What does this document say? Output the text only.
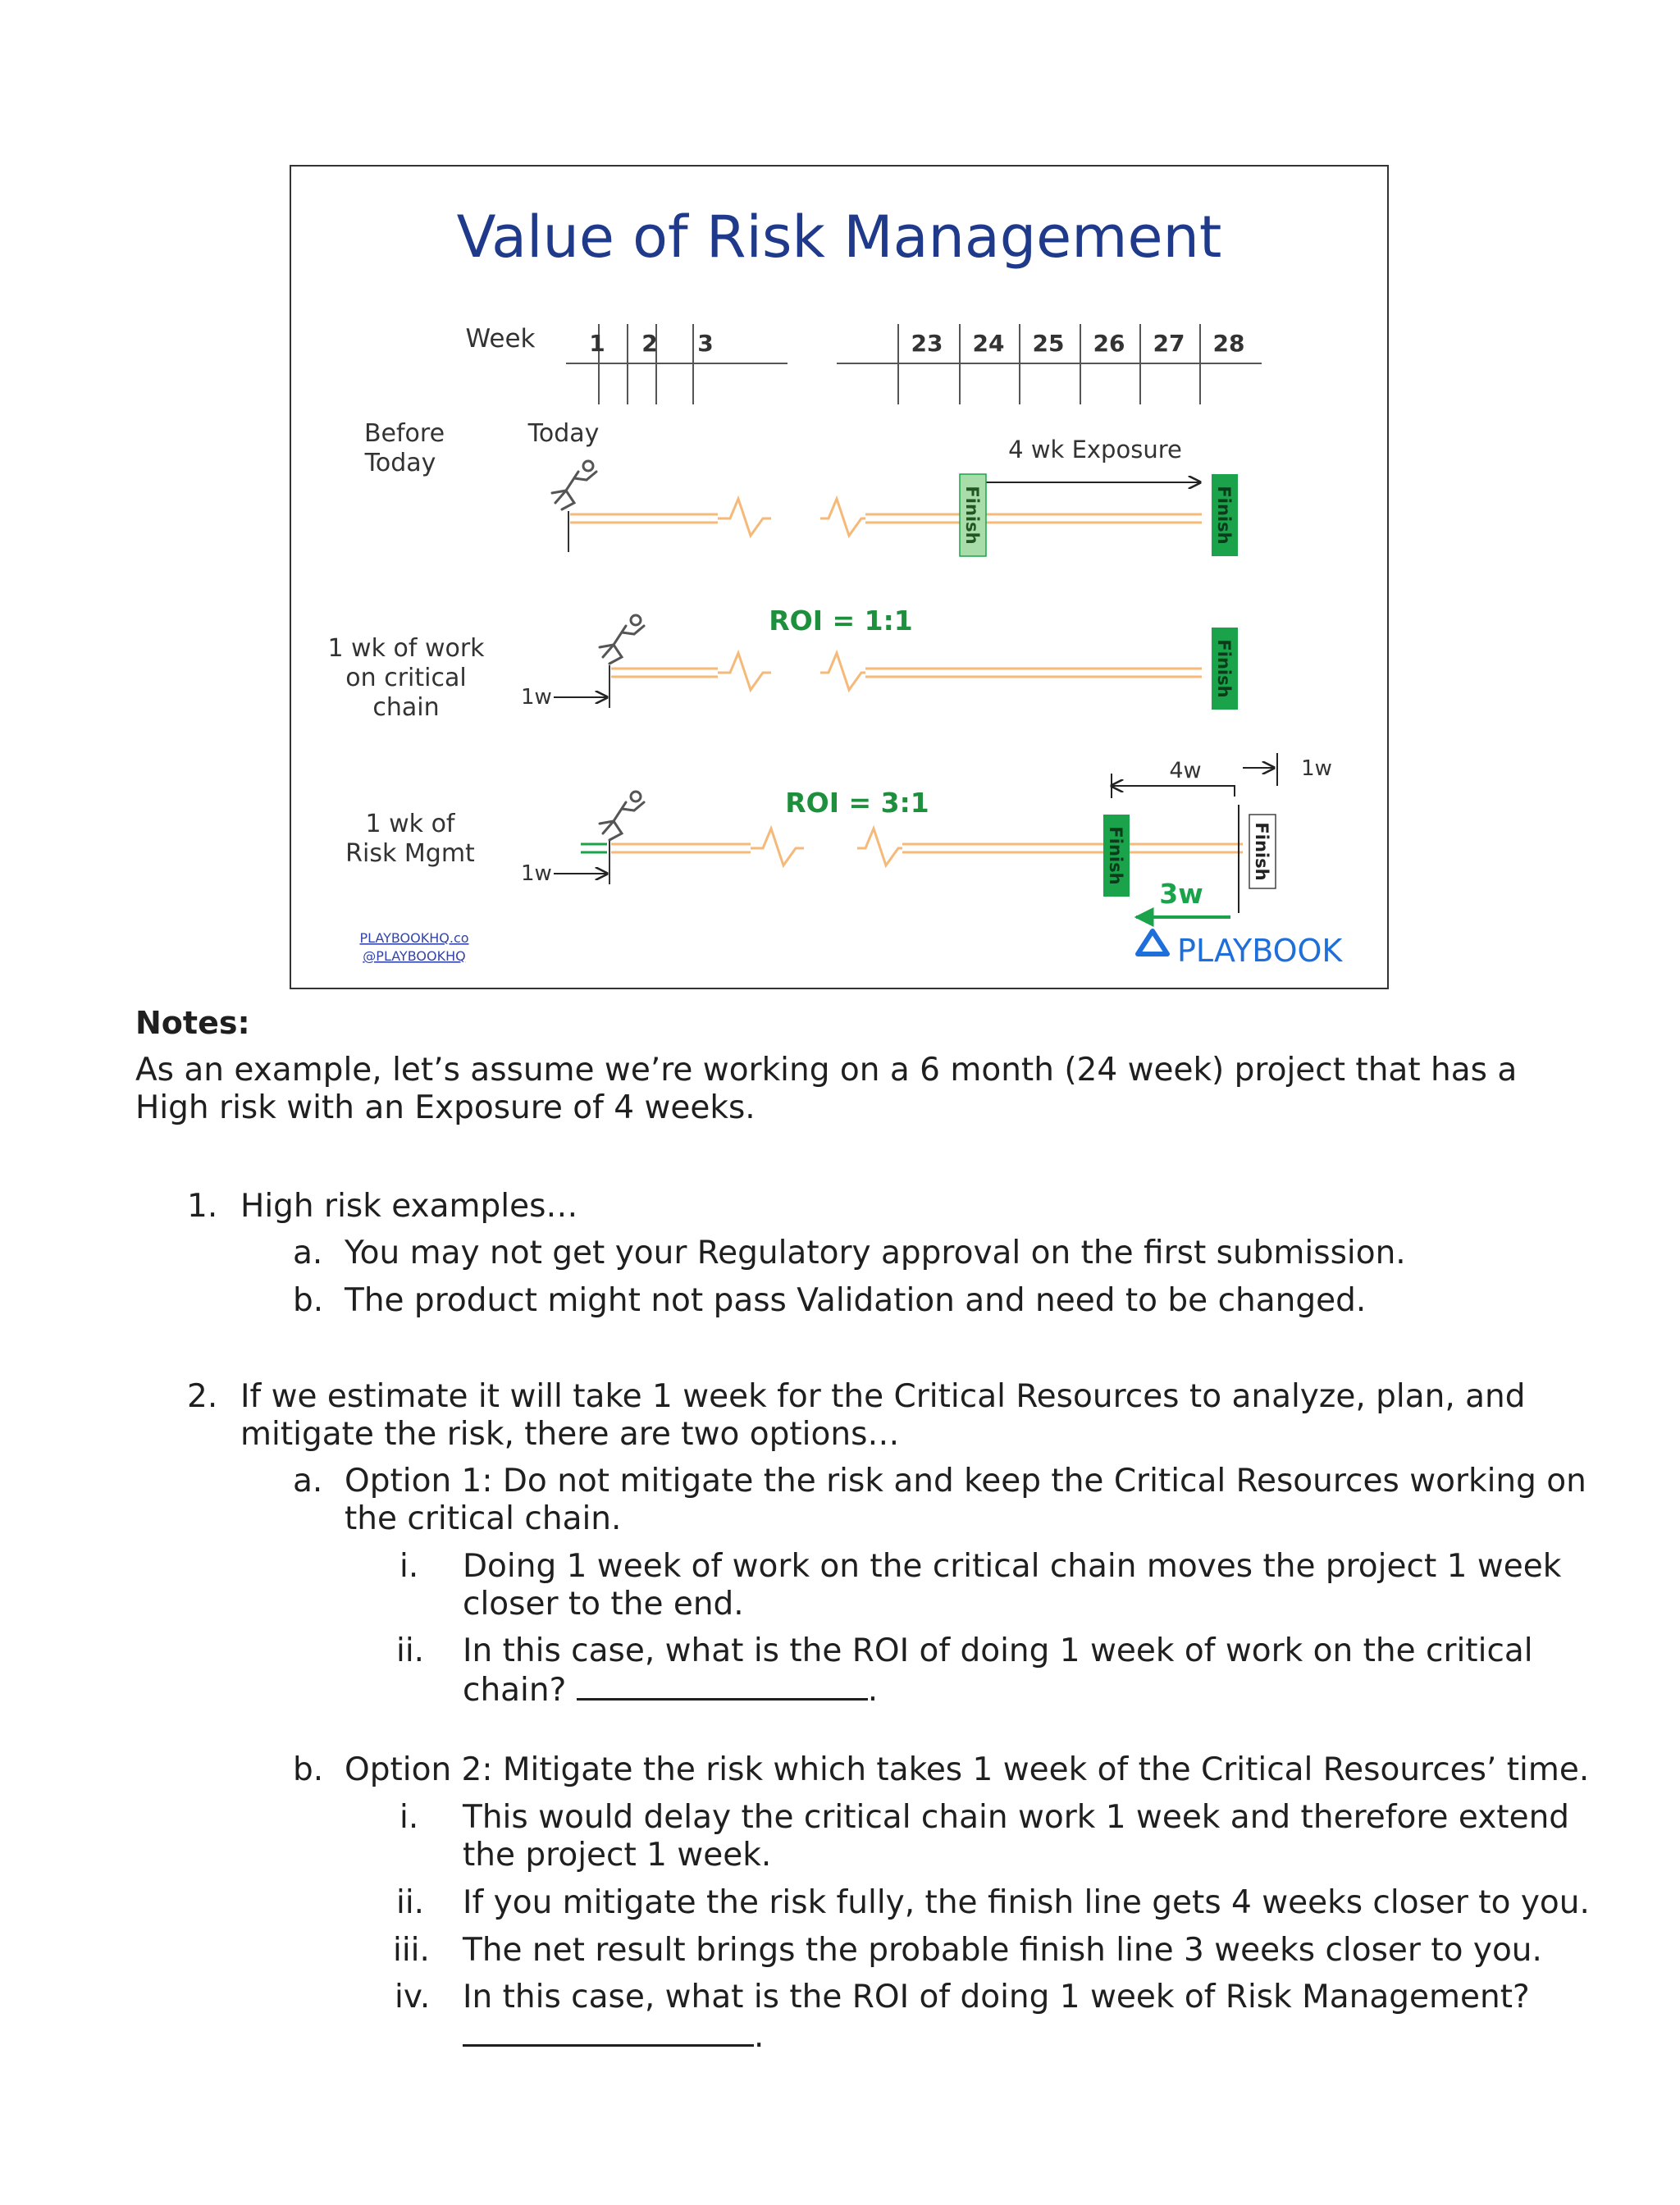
Value of Risk Management
Week 1 2 3	23 24 25 26 27 28
Before
Today
Today
4 wk Exposure
Finish	Finish
1 wk of work
on critical
chain
ROI = 1:1
1w	Finish
1 wk of
Risk Mgmt
4w	1w
ROI = 3:1
1w	Finish	Finish
3w
PLAYBOOKHQ.co
@PLAYBOOKHQ	PLAYBOOK
Notes:
As an example, let’s assume we’re working on a 6 month (24 week) project that has a High risk with an Exposure of 4 weeks.
1. High risk examples…
a. You may not get your Regulatory approval on the first submission.
b. The product might not pass Validation and need to be changed.
2. If we estimate it will take 1 week for the Critical Resources to analyze, plan, and mitigate the risk, there are two options…
a. Option 1: Do not mitigate the risk and keep the Critical Resources working on the critical chain.
i. Doing 1 week of work on the critical chain moves the project 1 week closer to the end.
ii. In this case, what is the ROI of doing 1 week of work on the critical chain?	.
b. Option 2: Mitigate the risk which takes 1 week of the Critical Resources’ time.
i. This would delay the critical chain work 1 week and therefore extend the project 1 week.
ii. If you mitigate the risk fully, the finish line gets 4 weeks closer to you.
iii. The net result brings the probable finish line 3 weeks closer to you.
iv. In this case, what is the ROI of doing 1 week of Risk Management?
.
